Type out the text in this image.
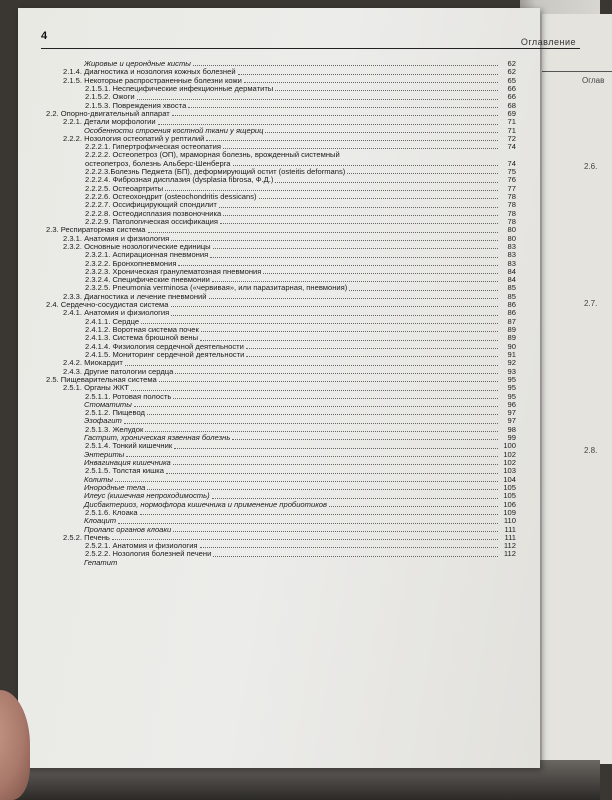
Оглав
2.6.
2.7.
2.8.
4	Оглавление
Жировые и церондные кисты	62
2.1.4. Диагностика и нозология кожных болезней	62
2.1.5. Некоторые распространенные болезни кожи	65
2.1.5.1. Неспецифические инфекционные дерматиты	66
2.1.5.2. Ожоги	66
2.1.5.3. Повреждения хвоста	68
2.2. Опорно-двигательный аппарат	69
2.2.1. Детали морфологии	71
Особенности строения костной ткани у ящериц	71
2.2.2. Нозология остеопатий у рептилий	72
2.2.2.1. Гипертрофическая остеопатия	74
2.2.2.2. Остеопетроз (ОП), мраморная болезнь, врожденный системный
остеопетроз, болезнь Альберс-Шенберга	74
2.2.2.3.Болезнь Педжета (БП), деформирующий остит (osteitis deformans)	75
2.2.2.4. Фиброзная дисплазия (dysplasia fibrosa, Ф.Д.)	76
2.2.2.5. Остеоартриты	77
2.2.2.6. Остеохондрит (osteochondritis dessicans)	78
2.2.2.7. Оссифицирующий спондилит	78
2.2.2.8. Остеодисплазия позвоночника	78
2.2.2.9. Патологическая оссификация	78
2.3. Респираторная система	80
2.3.1. Анатомия и физиология	80
2.3.2. Основные нозологические единицы	83
2.3.2.1. Аспирационная пневмония	83
2.3.2.2. Бронхопневмония	83
2.3.2.3. Хроническая гранулематозная пневмония	84
2.3.2.4. Специфические пневмонии	84
2.3.2.5. Pneumonia verminosa («червивая», или паразитарная, пневмония)	85
2.3.3. Диагностика и лечение пневмоний	85
2.4. Сердечно-сосудистая система	86
2.4.1. Анатомия и физиология	86
2.4.1.1. Сердце	87
2.4.1.2. Воротная система почек	89
2.4.1.3. Система брюшной вены	89
2.4.1.4. Физиология сердечной деятельности	90
2.4.1.5. Мониторинг сердечной деятельности	91
2.4.2. Миокардит	92
2.4.3. Другие патологии сердца	93
2.5. Пищеварительная система	95
2.5.1. Органы ЖКТ	95
2.5.1.1. Ротовая полость	95
Стоматиты	96
2.5.1.2. Пищевод	97
Эзофагит	97
2.5.1.3. Желудок	98
Гастрит, хроническая язвенная болезнь	99
2.5.1.4. Тонкий кишечник	100
Энтериты	102
Инвагинация кишечника	102
2.5.1.5. Толстая кишка	103
Колиты	104
Инородные тела	105
Илеус (кишечная непроходимость)	105
Дисбактериоз, нормофлора кишечника и применение пробиотиков	106
2.5.1.6. Клоака	109
Клоацит	110
Пролапс органов клоаки	111
2.5.2. Печень	111
2.5.2.1. Анатомия и физиология	112
2.5.2.2. Нозология болезней печени	112
Гепатит
